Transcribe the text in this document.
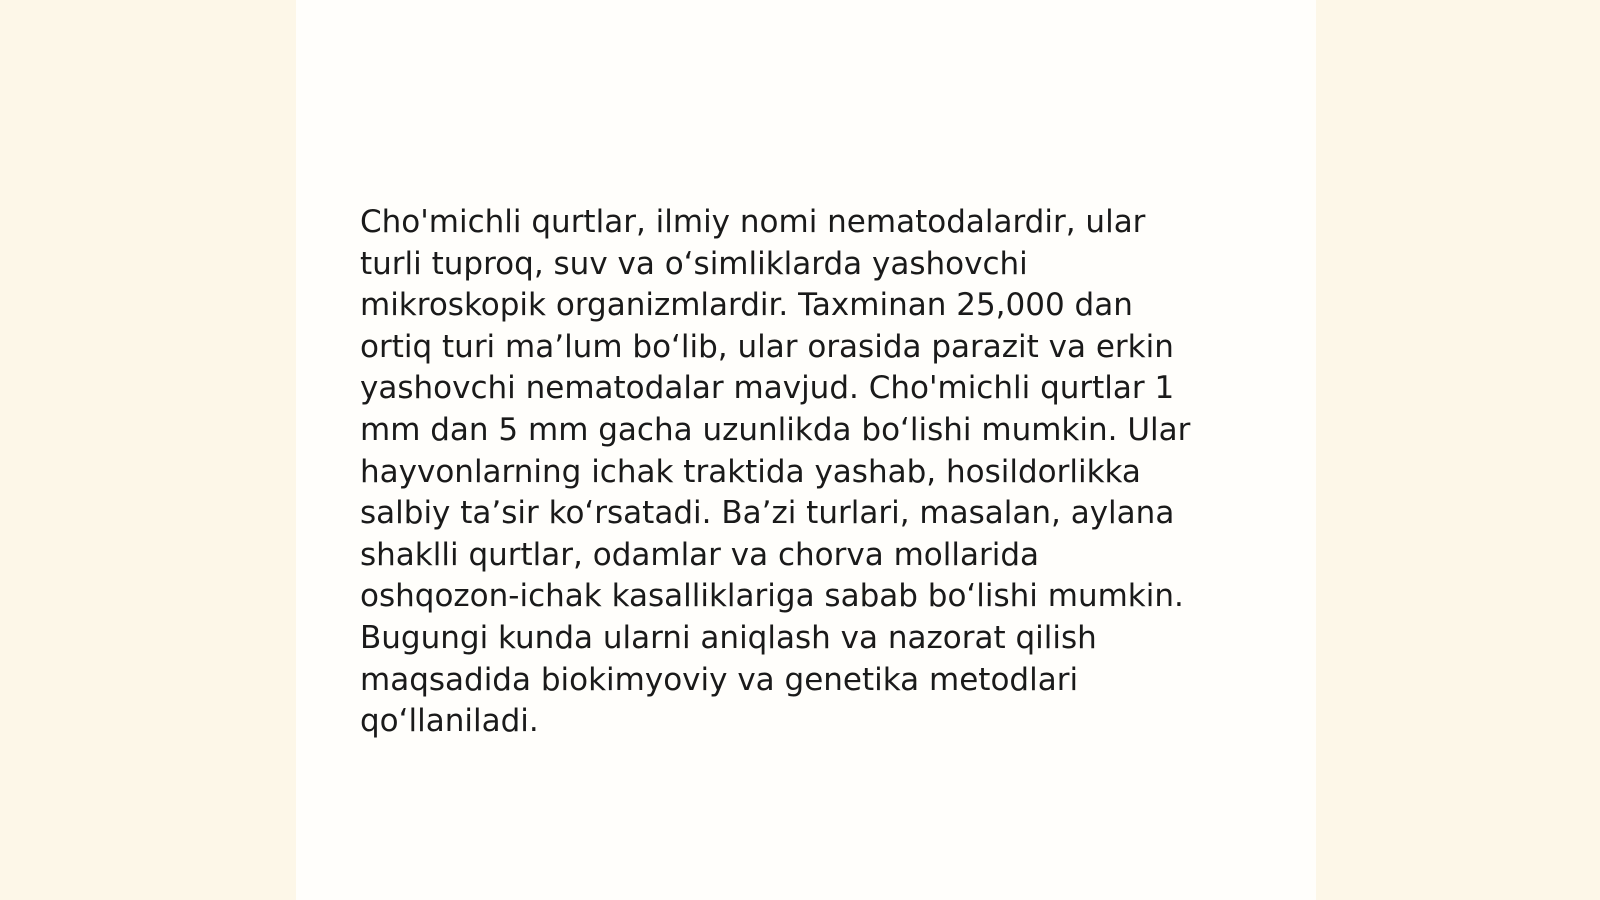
Cho'michli qurtlar, ilmiy nomi nematodalardir, ular
turli tuproq, suv va oʻsimliklarda yashovchi
mikroskopik organizmlardir. Taxminan 25,000 dan
ortiq turi maʼlum boʻlib, ular orasida parazit va erkin
yashovchi nematodalar mavjud. Cho'michli qurtlar 1
mm dan 5 mm gacha uzunlikda boʻlishi mumkin. Ular
hayvonlarning ichak traktida yashab, hosildorlikka
salbiy taʼsir koʻrsatadi. Baʼzi turlari, masalan, aylana
shaklli qurtlar, odamlar va chorva mollarida
oshqozon-ichak kasalliklariga sabab boʻlishi mumkin.
Bugungi kunda ularni aniqlash va nazorat qilish
maqsadida biokimyoviy va genetika metodlari
qoʻllaniladi.
